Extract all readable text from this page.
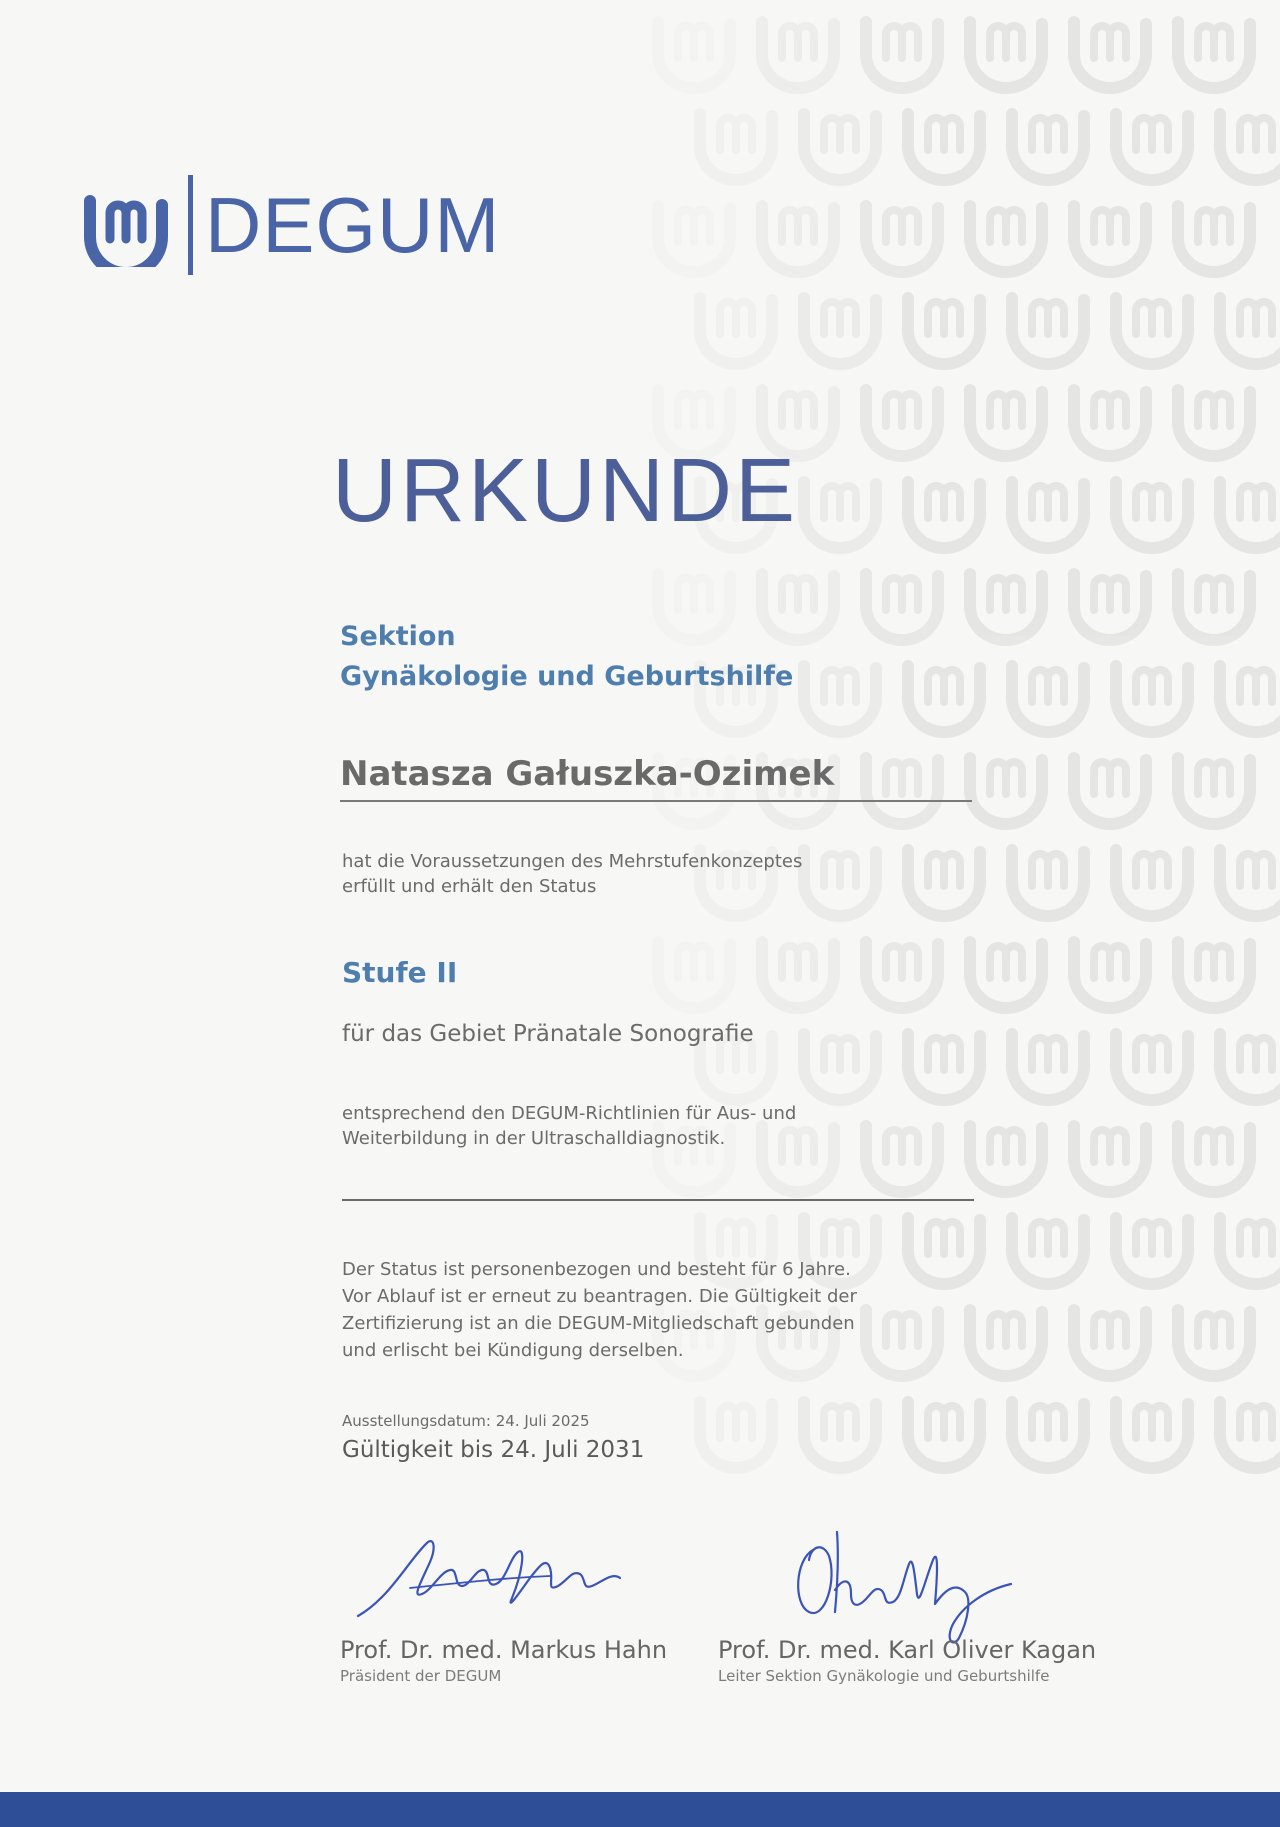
DEGUM
URKUNDE
Sektion
Gynäkologie und Geburtshilfe
Natasza Gałuszka-Ozimek
hat die Voraussetzungen des Mehrstufenkonzeptes
erfüllt und erhält den Status
Stufe II
für das Gebiet Pränatale Sonografie
entsprechend den DEGUM-Richtlinien für Aus- und
Weiterbildung in der Ultraschalldiagnostik.
Der Status ist personenbezogen und besteht für 6 Jahre.
Vor Ablauf ist er erneut zu beantragen. Die Gültigkeit der
Zertifizierung ist an die DEGUM-Mitgliedschaft gebunden
und erlischt bei Kündigung derselben.
Ausstellungsdatum: 24. Juli 2025
Gültigkeit bis 24. Juli 2031
Prof. Dr. med. Markus Hahn
Präsident der DEGUM
Prof. Dr. med. Karl Oliver Kagan
Leiter Sektion Gynäkologie und Geburtshilfe
